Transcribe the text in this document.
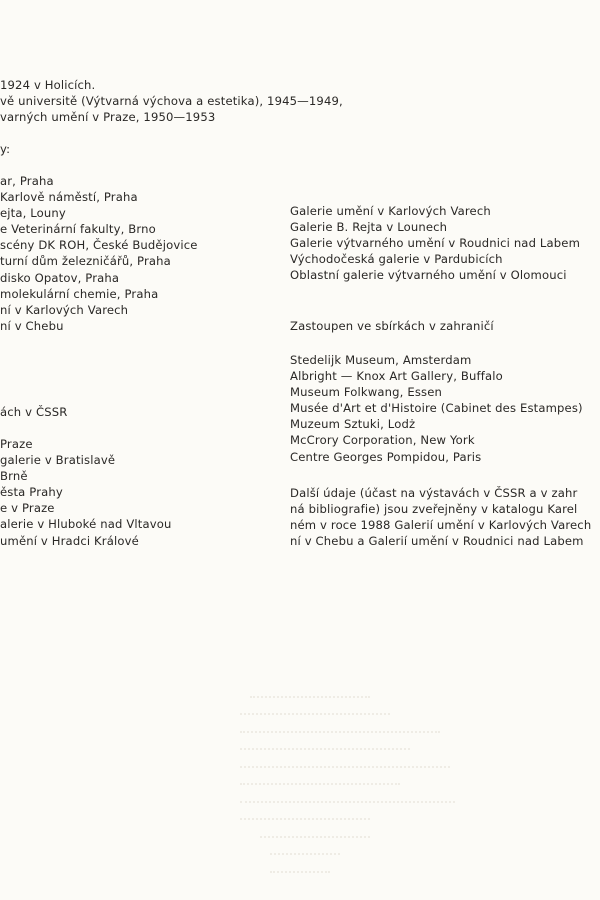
1924 v Holicích.
vě universitě (Výtvarná výchova a estetika), 1945—1949,
varných umění v Praze, 1950—1953
y:
ar, Praha
Karlově náměstí, Praha
ejta, Louny
e Veterinární fakulty, Brno
scény DK ROH, České Budějovice
turní dům železničářů, Praha
disko Opatov, Praha
molekulární chemie, Praha
ní v Karlových Varech
ní v Chebu
ách v ČSSR
Praze
galerie v Bratislavě
Brně
ěsta Prahy
e v Praze
alerie v Hluboké nad Vltavou
umění v Hradci Králové
Galerie umění v Karlových Varech
Galerie B. Rejta v Lounech
Galerie výtvarného umění v Roudnici nad Labem
Východočeská galerie v Pardubicích
Oblastní galerie výtvarného umění v Olomouci
Zastoupen ve sbírkách v zahraničí
Stedelijk Museum, Amsterdam
Albright — Knox Art Gallery, Buffalo
Museum Folkwang, Essen
Musée d'Art et d'Histoire (Cabinet des Estampes)
Muzeum Sztuki, Lodż
McCrory Corporation, New York
Centre Georges Pompidou, Paris
Další údaje (účast na výstavách v ČSSR a v zahr
ná bibliografie) jsou zveřejněny v katalogu Karel
ném v roce 1988 Galerií umění v Karlových Varech
ní v Chebu a Galerií umění v Roudnici nad Labem
